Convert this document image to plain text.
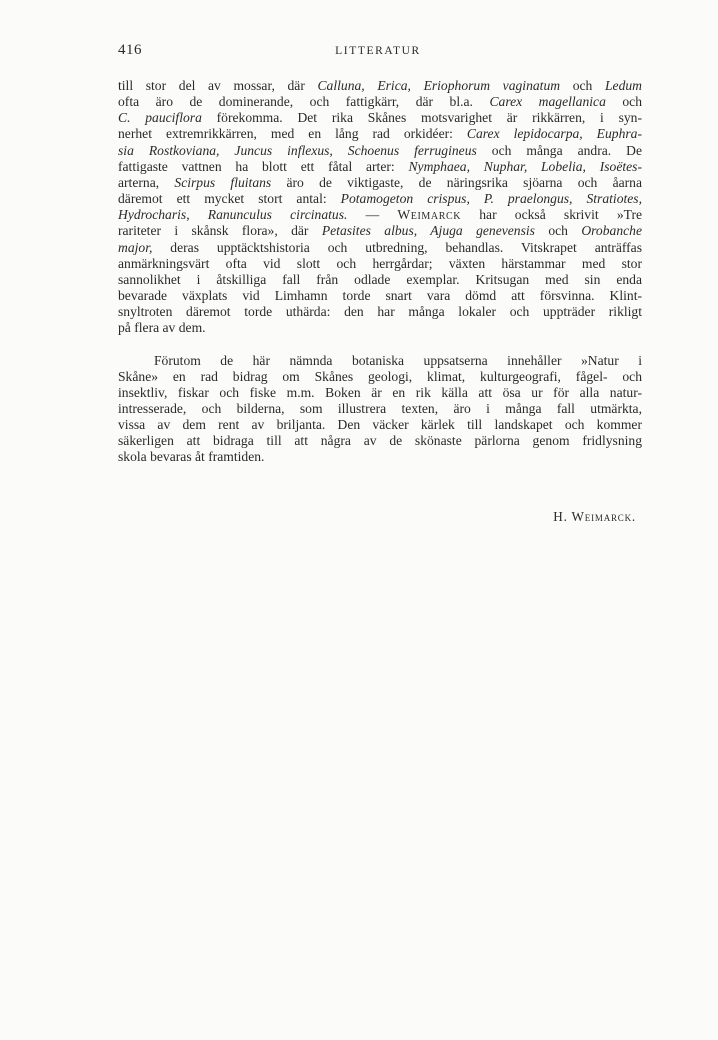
416	LITTERATUR
till stor del av mossar, där Calluna, Erica, Eriophorum vaginatum och Ledum
ofta äro de dominerande, och fattigkärr, där bl.a. Carex magellanica och
C. pauciflora förekomma. Det rika Skånes motsvarighet är rikkärren, i syn-
nerhet extremrikkärren, med en lång rad orkidéer: Carex lepidocarpa, Euphra-
sia Rostkoviana, Juncus inflexus, Schoenus ferrugineus och många andra. De
fattigaste vattnen ha blott ett fåtal arter: Nymphaea, Nuphar, Lobelia, Isoëtes-
arterna, Scirpus fluitans äro de viktigaste, de näringsrika sjöarna och åarna
däremot ett mycket stort antal: Potamogeton crispus, P. praelongus, Stratiotes,
Hydrocharis, Ranunculus circinatus. — Weimarck har också skrivit »Tre
rariteter i skånsk flora», där Petasites albus, Ajuga genevensis och Orobanche
major, deras upptäcktshistoria och utbredning, behandlas. Vitskrapet anträffas
anmärkningsvärt ofta vid slott och herrgårdar; växten härstammar med stor
sannolikhet i åtskilliga fall från odlade exemplar. Kritsugan med sin enda
bevarade växplats vid Limhamn torde snart vara dömd att försvinna. Klint-
snyltroten däremot torde uthärda: den har många lokaler och uppträder rikligt
på flera av dem.
Förutom de här nämnda botaniska uppsatserna innehåller »Natur i
Skåne» en rad bidrag om Skånes geologi, klimat, kulturgeografi, fågel- och
insektliv, fiskar och fiske m.m. Boken är en rik källa att ösa ur för alla natur-
intresserade, och bilderna, som illustrera texten, äro i många fall utmärkta,
vissa av dem rent av briljanta. Den väcker kärlek till landskapet och kommer
säkerligen att bidraga till att några av de skönaste pärlorna genom fridlysning
skola bevaras åt framtiden.
H. Weimarck.
